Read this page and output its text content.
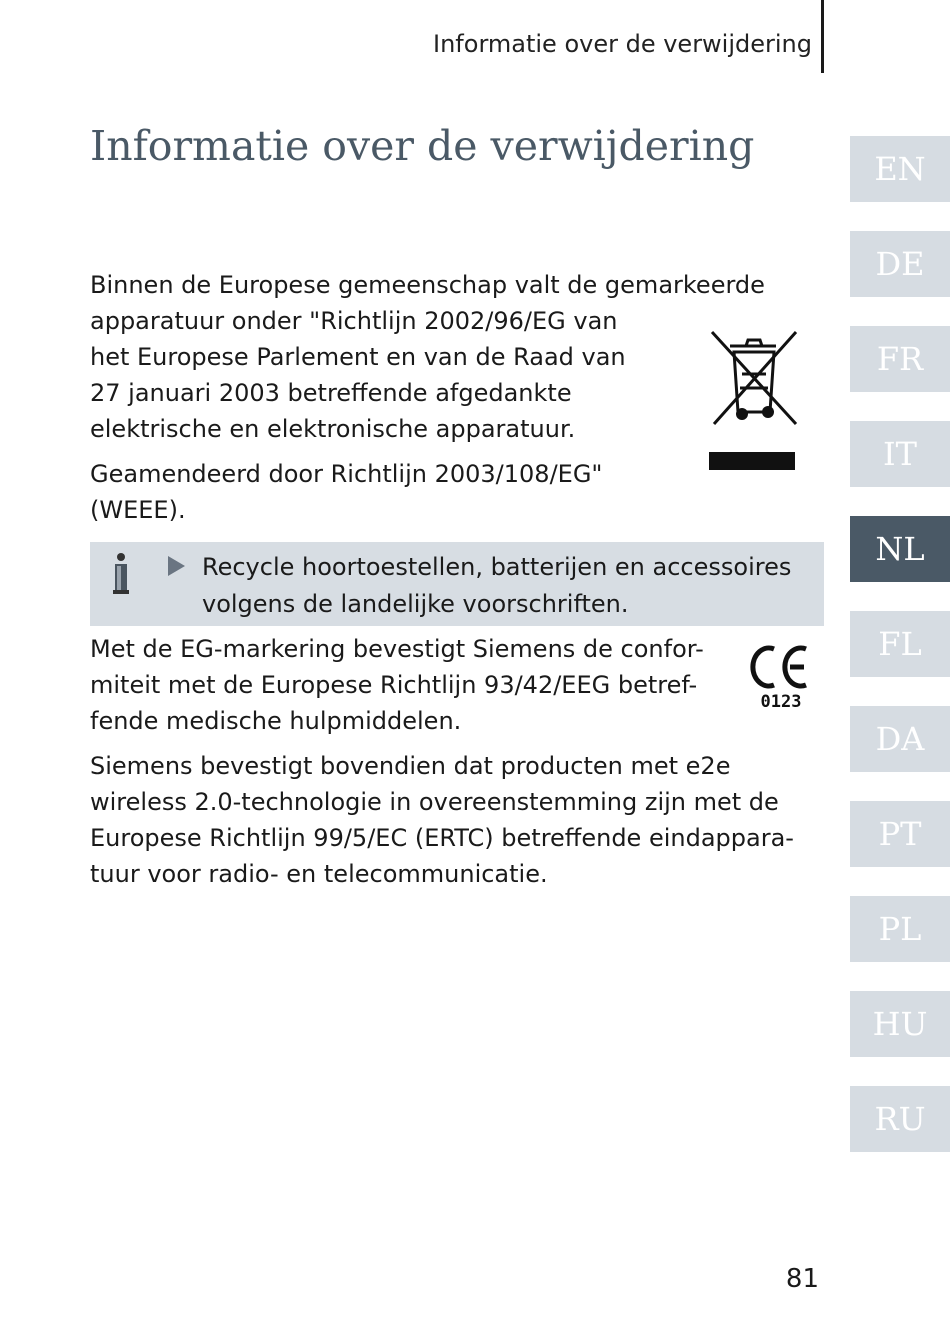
Informatie over de verwijdering
Informatie over de verwijdering

Binnen de Europese gemeenschap valt de gemarkeerde
apparatuur onder "Richtlijn 2002/96/EG van
het Europese Parlement en van de Raad van
27 januari 2003 betreffende afgedankte
elektrische en elektronische apparatuur.

Geamendeerd door Richtlijn 2003/108/EG"
(WEEE).

Recycle hoortoestellen, batterijen en accessoires
volgens de landelijke voorschriften.

Met de EG-markering bevestigt Siemens de confor-
miteit met de Europese Richtlijn 93/42/EEG betref-
fende medische hulpmiddelen.

0123

Siemens bevestigt bovendien dat producten met e2e
wireless 2.0-technologie in overeenstemming zijn met de
Europese Richtlijn 99/5/EC (ERTC) betreffende eindappara-
tuur voor radio- en telecommunicatie.

EN
DE
FR
IT
NL
FL
DA
PT
PL
HU
RU
81
